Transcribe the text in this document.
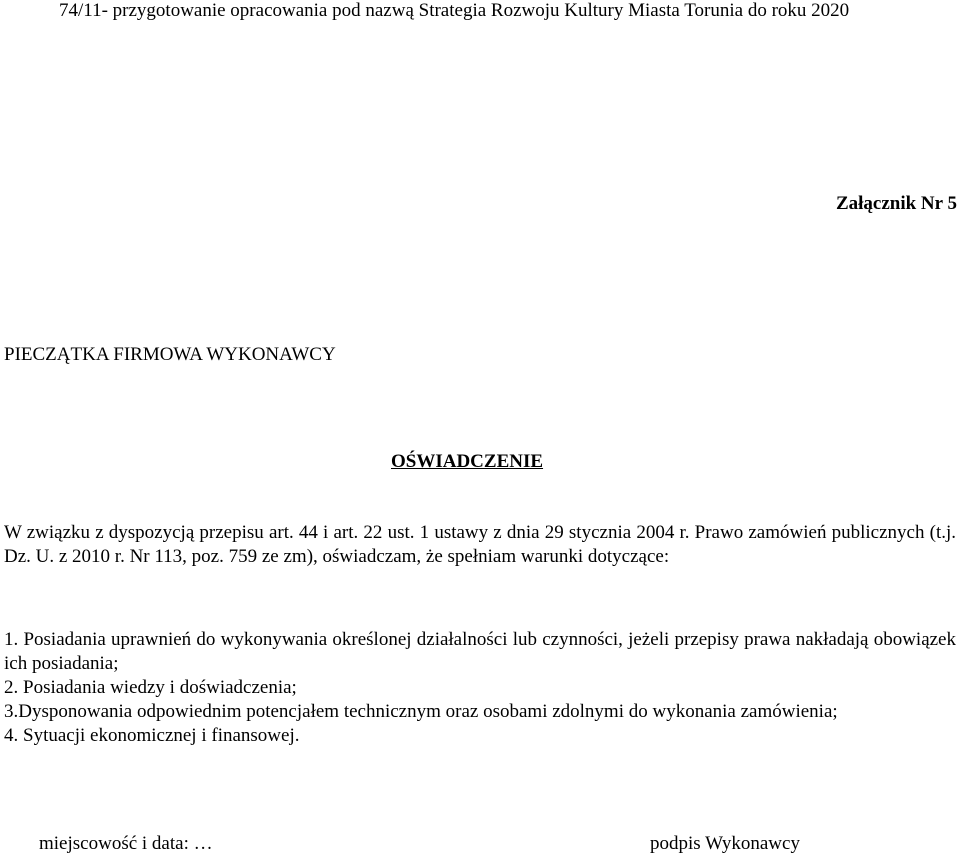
74/11- przygotowanie opracowania pod nazwą Strategia Rozwoju Kultury Miasta Torunia do roku 2020
Załącznik Nr 5
PIECZĄTKA FIRMOWA WYKONAWCY
OŚWIADCZENIE

W związku z dyspozycją przepisu art. 44 i art. 22 ust. 1 ustawy z dnia 29 stycznia 2004 r. Prawo zamówień publicznych (t.j. Dz. U. z 2010 r. Nr 113, poz. 759 ze zm), oświadczam, że spełniam warunki dotyczące:

1. Posiadania uprawnień do wykonywania określonej działalności lub czynności, jeżeli przepisy prawa nakładają obowiązek ich posiadania;

2. Posiadania wiedzy i doświadczenia;

3.Dysponowania odpowiednim potencjałem technicznym oraz osobami zdolnymi do wykonania zamówienia;

4. Sytuacji ekonomicznej i finansowej.

miejscowość i data: …	podpis Wykonawcy
